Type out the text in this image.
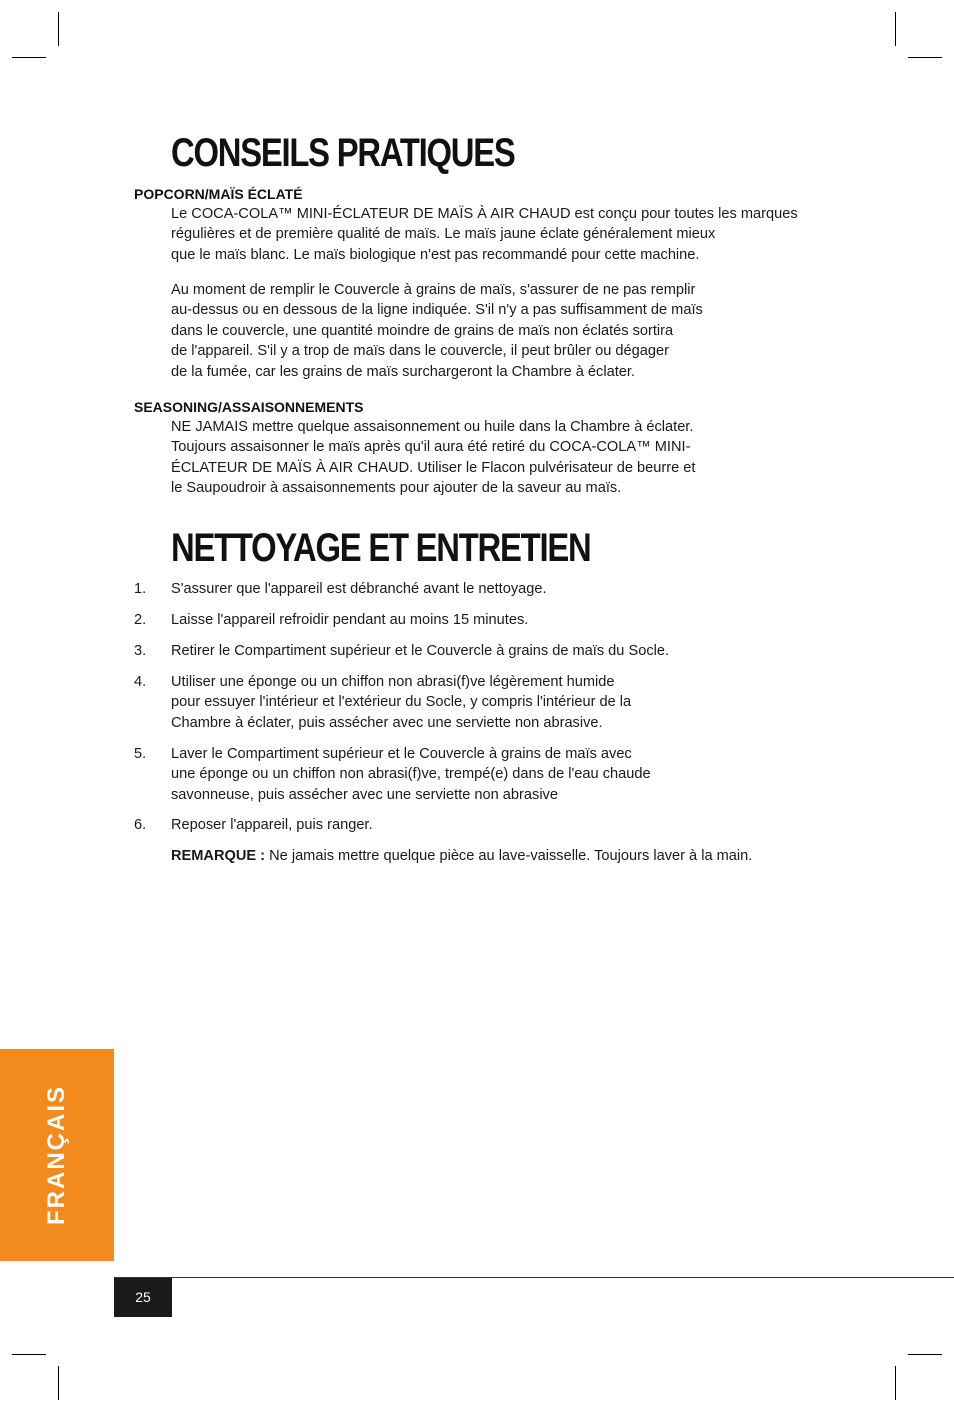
CONSEILS PRATIQUES
POPCORN/MAÏS ÉCLATÉ

Le COCA-COLA™ MINI-ÉCLATEUR DE MAÏS À AIR CHAUD est conçu pour toutes les marques
régulières et de première qualité de maïs. Le maïs jaune éclate généralement mieux
que le maïs blanc. Le maïs biologique n'est pas recommandé pour cette machine.

Au moment de remplir le Couvercle à grains de maïs, s'assurer de ne pas remplir
au-dessus ou en dessous de la ligne indiquée. S'il n'y a pas suffisamment de maïs
dans le couvercle, une quantité moindre de grains de maïs non éclatés sortira
de l'appareil. S'il y a trop de maïs dans le couvercle, il peut brûler ou dégager
de la fumée, car les grains de maïs surchargeront la Chambre à éclater.

SEASONING/ASSAISONNEMENTS

NE JAMAIS mettre quelque assaisonnement ou huile dans la Chambre à éclater.
Toujours assaisonner le maïs après qu'il aura été retiré du COCA-COLA™ MINI-
ÉCLATEUR DE MAÏS À AIR CHAUD. Utiliser le Flacon pulvérisateur de beurre et
le Saupoudroir à assaisonnements pour ajouter de la saveur au maïs.

NETTOYAGE ET ENTRETIEN
1. S'assurer que l'appareil est débranché avant le nettoyage.
2. Laisse l'appareil refroidir pendant au moins 15 minutes.
3. Retirer le Compartiment supérieur et le Couvercle à grains de maïs du Socle.
4. Utiliser une éponge ou un chiffon non abrasi(f)ve légèrement humide
pour essuyer l'intérieur et l'extérieur du Socle, y compris l'intérieur de la
Chambre à éclater, puis assécher avec une serviette non abrasive.
5. Laver le Compartiment supérieur et le Couvercle à grains de maïs avec
une éponge ou un chiffon non abrasi(f)ve, trempé(e) dans de l'eau chaude
savonneuse, puis assécher avec une serviette non abrasive
6. Reposer l'appareil, puis ranger.
REMARQUE : Ne jamais mettre quelque pièce au lave-vaisselle. Toujours laver à la main.
FRANÇAIS
25
